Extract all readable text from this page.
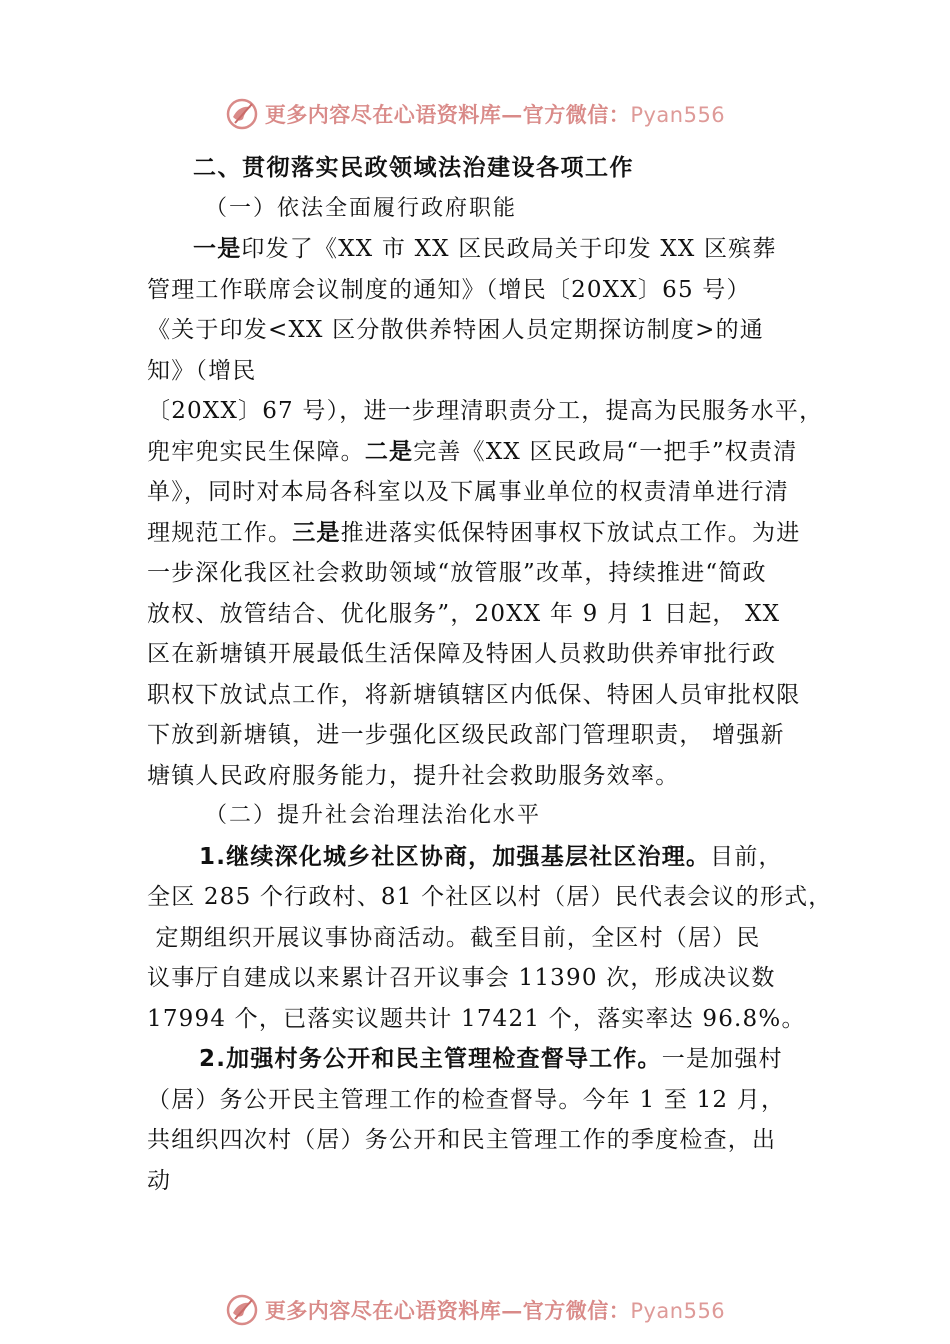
更多内容尽在心语资料库—官方微信：Pyan556
二、贯彻落实民政领域法治建设各项工作
（一）依法全面履行政府职能
一是印发了《XX 市 XX 区民政局关于印发 XX 区殡葬
管理工作联席会议制度的通知》（增民〔20XX〕65 号）
《关于印发<XX 区分散供养特困人员定期探访制度>的通
知》（增民
〔20XX〕67 号），进一步理清职责分工，提高为民服务水平，
兜牢兜实民生保障。二是完善《XX 区民政局“一把手”权责清
单》，同时对本局各科室以及下属事业单位的权责清单进行清
理规范工作。三是推进落实低保特困事权下放试点工作。为进
一步深化我区社会救助领域“放管服”改革，持续推进“简政
放权、放管结合、优化服务”，20XX 年 9 月 1 日起， XX
区在新塘镇开展最低生活保障及特困人员救助供养审批行政
职权下放试点工作，将新塘镇辖区内低保、特困人员审批权限
下放到新塘镇，进一步强化区级民政部门管理职责， 增强新
塘镇人民政府服务能力，提升社会救助服务效率。
（二）提升社会治理法治化水平
1.继续深化城乡社区协商，加强基层社区治理。目前，
全区 285 个行政村、81 个社区以村（居）民代表会议的形式，
定期组织开展议事协商活动。截至目前，全区村（居）民
议事厅自建成以来累计召开议事会 11390 次，形成决议数
17994 个，已落实议题共计 17421 个，落实率达 96.8%。
2.加强村务公开和民主管理检查督导工作。一是加强村
（居）务公开民主管理工作的检查督导。今年 1 至 12 月，
共组织四次村（居）务公开和民主管理工作的季度检查，出
动
更多内容尽在心语资料库—官方微信：Pyan556
